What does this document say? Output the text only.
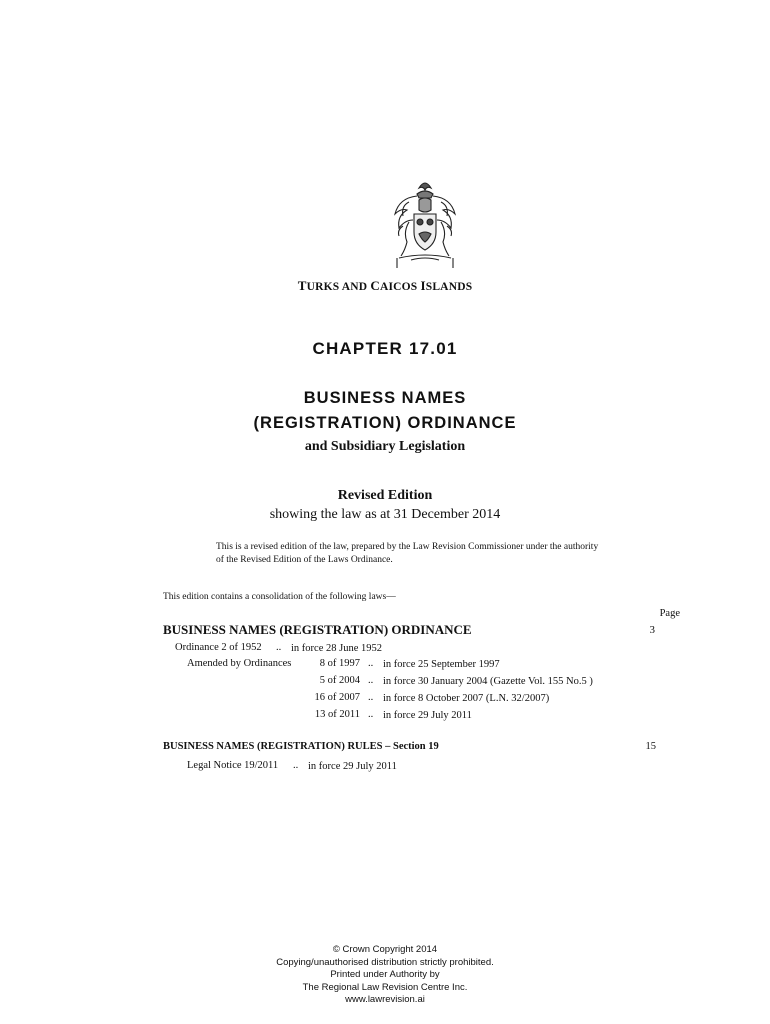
TURKS AND CAICOS ISLANDS
CHAPTER 17.01
BUSINESS NAMES
(REGISTRATION) ORDINANCE
and Subsidiary Legislation
Revised Edition
showing the law as at 31 December 2014
This is a revised edition of the law, prepared by the Law Revision Commissioner under the authority
of the Revised Edition of the Laws Ordinance.
This edition contains a consolidation of the following laws—
Page
BUSINESS NAMES (REGISTRATION) ORDINANCE	3
Ordinance 2 of 1952 .. in force 28 June 1952
Amended by Ordinances	8 of 1997 .. in force 25 September 1997
5 of 2004 .. in force 30 January 2004 (Gazette Vol. 155 No.5 )
16 of 2007 .. in force 8 October 2007 (L.N. 32/2007)
13 of 2011 .. in force 29 July 2011
BUSINESS NAMES (REGISTRATION) RULES – Section 19	15
Legal Notice 19/2011 .. in force 29 July 2011
© Crown Copyright 2014
Copying/unauthorised distribution strictly prohibited.
Printed under Authority by
The Regional Law Revision Centre Inc.
www.lawrevision.ai
